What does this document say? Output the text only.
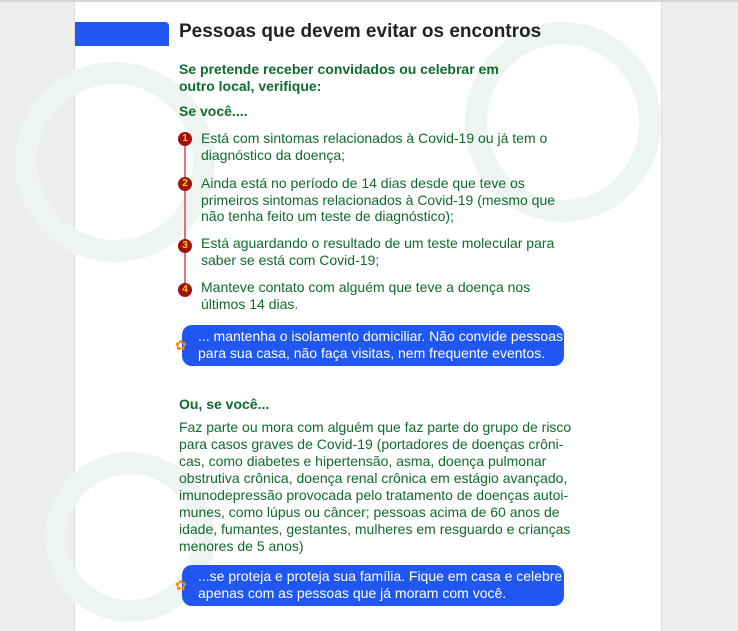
Pessoas que devem evitar os encontros
Se pretende receber convidados ou celebrar em
outro local, verifique:
Se você....
1 Está com sintomas relacionados à Covid-19 ou já tem o
diagnóstico da doença;
2 Ainda está no período de 14 dias desde que teve os
primeiros sintomas relacionados à Covid-19 (mesmo que
não tenha feito um teste de diagnóstico);
3 Está aguardando o resultado de um teste molecular para
saber se está com Covid-19;
4 Manteve contato com alguém que teve a doença nos
últimos 14 dias.
... mantenha o isolamento domiciliar. Não convide pessoas
para sua casa, não faça visitas, nem frequente eventos.
✿
Ou, se você...
Faz parte ou mora com alguém que faz parte do grupo de risco
para casos graves de Covid-19 (portadores de doenças crôni-
cas, como diabetes e hipertensão, asma, doença pulmonar
obstrutiva crônica, doença renal crônica em estágio avançado,
imunodepressão provocada pelo tratamento de doenças autoi-
munes, como lúpus ou câncer; pessoas acima de 60 anos de
idade, fumantes, gestantes, mulheres em resguardo e crianças
menores de 5 anos)
...se proteja e proteja sua família. Fique em casa e celebre
apenas com as pessoas que já moram com você.
✿
